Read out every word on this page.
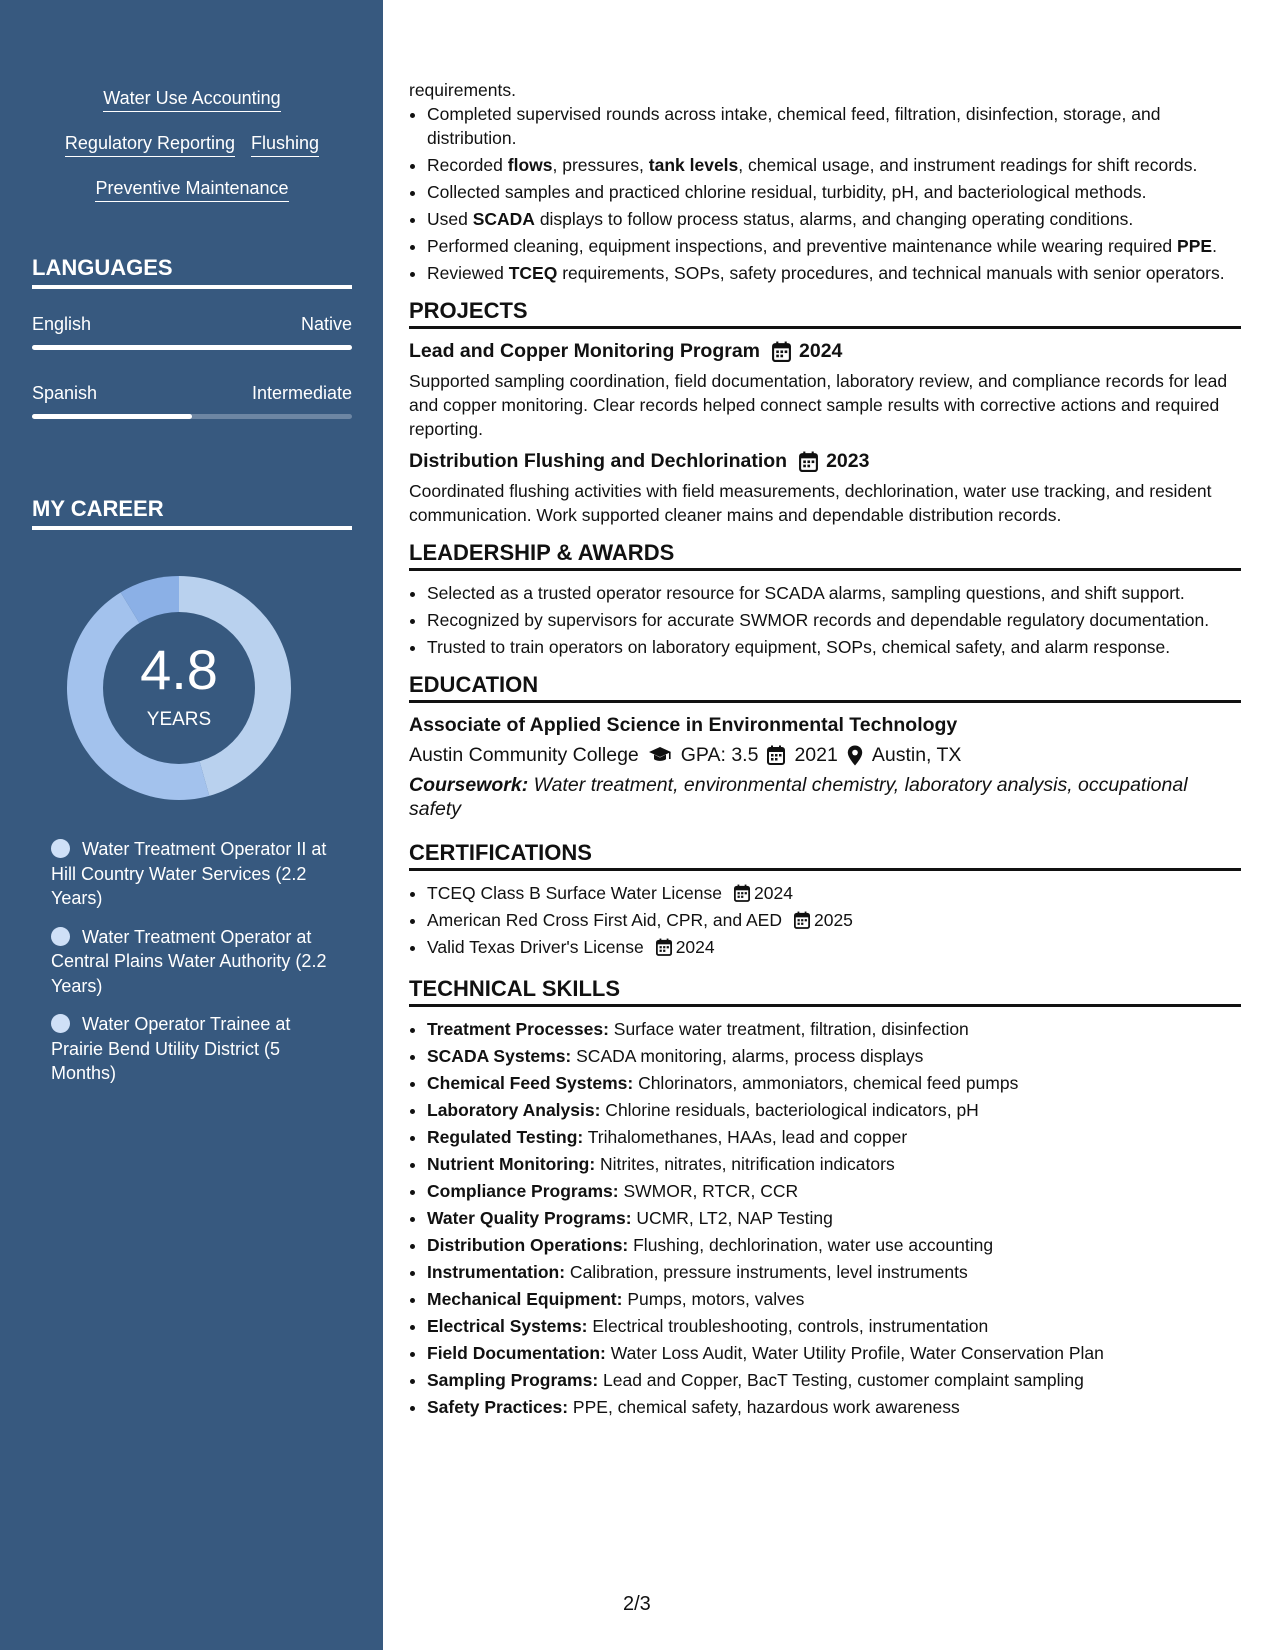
Water Use Accounting
Regulatory Reporting Flushing
Preventive Maintenance
LANGUAGES
English	Native
Spanish	Intermediate
MY CAREER
4.8
YEARS
Water Treatment Operator II at Hill Country Water Services (2.2 Years)
Water Treatment Operator at Central Plains Water Authority (2.2 Years)
Water Operator Trainee at Prairie Bend Utility District (5 Months)
requirements.
• Completed supervised rounds across intake, chemical feed, filtration, disinfection, storage, and distribution.
• Recorded flows, pressures, tank levels, chemical usage, and instrument readings for shift records.
• Collected samples and practiced chlorine residual, turbidity, pH, and bacteriological methods.
• Used SCADA displays to follow process status, alarms, and changing operating conditions.
• Performed cleaning, equipment inspections, and preventive maintenance while wearing required PPE.
• Reviewed TCEQ requirements, SOPs, safety procedures, and technical manuals with senior operators.
PROJECTS
Lead and Copper Monitoring Program 2024
Supported sampling coordination, field documentation, laboratory review, and compliance records for lead and copper monitoring. Clear records helped connect sample results with corrective actions and required reporting.
Distribution Flushing and Dechlorination 2023
Coordinated flushing activities with field measurements, dechlorination, water use tracking, and resident communication. Work supported cleaner mains and dependable distribution records.
LEADERSHIP & AWARDS
• Selected as a trusted operator resource for SCADA alarms, sampling questions, and shift support.
• Recognized by supervisors for accurate SWMOR records and dependable regulatory documentation.
• Trusted to train operators on laboratory equipment, SOPs, chemical safety, and alarm response.
EDUCATION
Associate of Applied Science in Environmental Technology
Austin Community College GPA: 3.5 2021 Austin, TX
Coursework: Water treatment, environmental chemistry, laboratory analysis, occupational safety
CERTIFICATIONS
• TCEQ Class B Surface Water License 2024
• American Red Cross First Aid, CPR, and AED 2025
• Valid Texas Driver's License 2024
TECHNICAL SKILLS
• Treatment Processes: Surface water treatment, filtration, disinfection
• SCADA Systems: SCADA monitoring, alarms, process displays
• Chemical Feed Systems: Chlorinators, ammoniators, chemical feed pumps
• Laboratory Analysis: Chlorine residuals, bacteriological indicators, pH
• Regulated Testing: Trihalomethanes, HAAs, lead and copper
• Nutrient Monitoring: Nitrites, nitrates, nitrification indicators
• Compliance Programs: SWMOR, RTCR, CCR
• Water Quality Programs: UCMR, LT2, NAP Testing
• Distribution Operations: Flushing, dechlorination, water use accounting
• Instrumentation: Calibration, pressure instruments, level instruments
• Mechanical Equipment: Pumps, motors, valves
• Electrical Systems: Electrical troubleshooting, controls, instrumentation
• Field Documentation: Water Loss Audit, Water Utility Profile, Water Conservation Plan
• Sampling Programs: Lead and Copper, BacT Testing, customer complaint sampling
• Safety Practices: PPE, chemical safety, hazardous work awareness
2/3
